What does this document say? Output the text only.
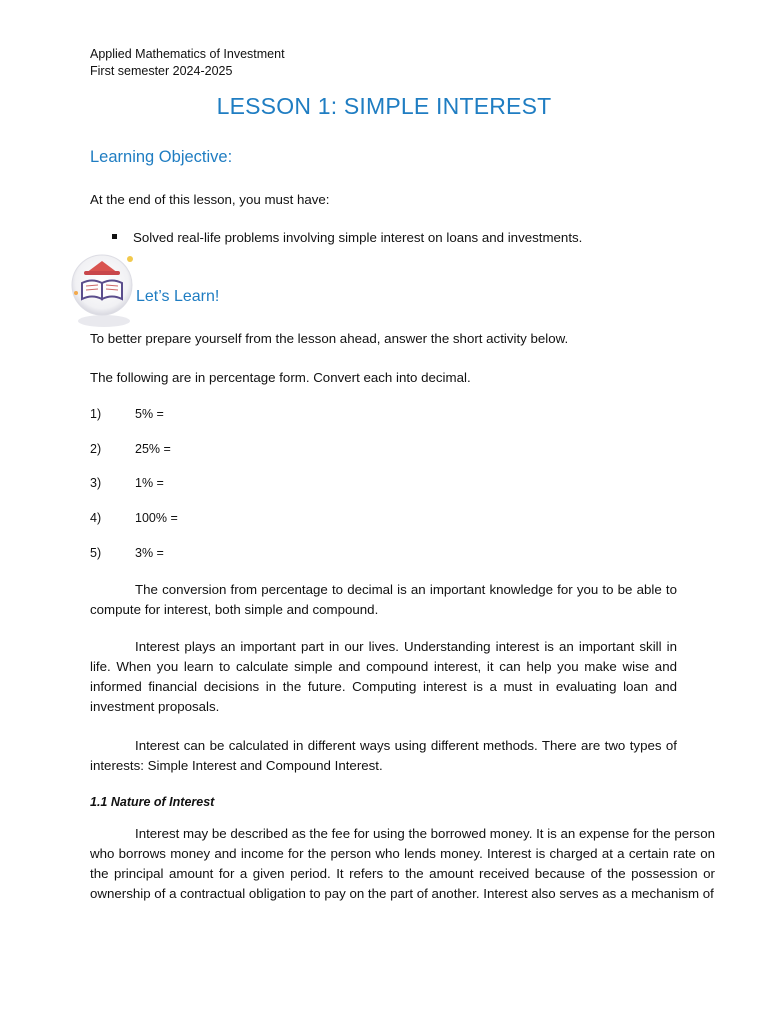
Applied Mathematics of Investment
First semester 2024-2025
LESSON 1: SIMPLE INTEREST
Learning Objective:
At the end of this lesson, you must have:
Solved real-life problems involving simple interest on loans and investments.
Let’s Learn!
To better prepare yourself from the lesson ahead, answer the short activity below.
The following are in percentage form. Convert each into decimal.
1)	5% =
2)	25% =
3)	1% =
4)	100% =
5)	3% =
The conversion from percentage to decimal is an important knowledge for you to be able to compute for interest, both simple and compound.
Interest plays an important part in our lives. Understanding interest is an important skill in life. When you learn to calculate simple and compound interest, it can help you make wise and informed financial decisions in the future. Computing interest is a must in evaluating loan and investment proposals.
Interest can be calculated in different ways using different methods. There are two types of interests: Simple Interest and Compound Interest.
1.1 Nature of Interest
Interest may be described as the fee for using the borrowed money. It is an expense for the person who borrows money and income for the person who lends money. Interest is charged at a certain rate on the principal amount for a given period. It refers to the amount received because of the possession or ownership of a contractual obligation to pay on the part of another. Interest also serves as a mechanism of
